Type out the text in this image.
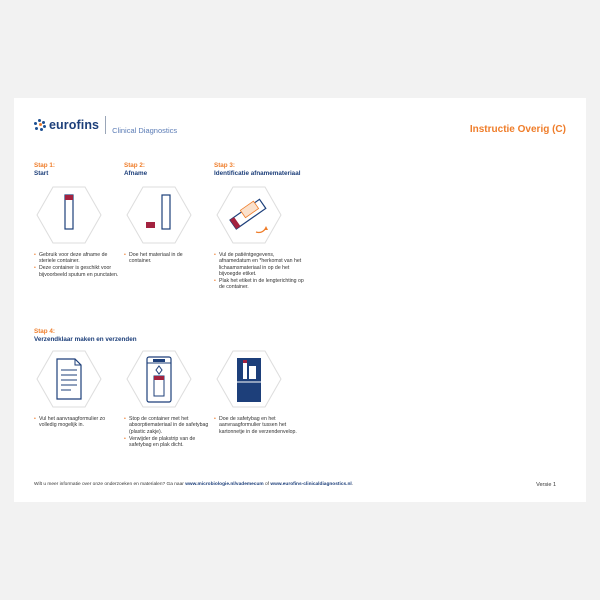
eurofins Clinical Diagnostics	Instructie Overig (C)
Stap 1:
Start
• Gebruik voor deze afname de steriele container.
• Deze container is geschikt voor bijvoorbeeld sputum en punctaten.
Stap 2:
Afname
• Doe het materiaal in de container.
Stap 3:
Identificatie afnamemateriaal
• Vul de patiëntgegevens, afnamedatum en *herkomst van het lichaamsmateriaal in op de het bijvoegde etiket.
• Plak het etiket in de lengterichting op de container.
Stap 4:
Verzendklaar maken en verzenden
• Vul het aanvraagformulier zo volledig mogelijk in.
• Stop de container met het absorptiemateriaal in de safetybag (plastic zakje).
• Verwijder de plakstrip van de safetybag en plak dicht.
• Doe de safetybag en het aanvraagformulier tussen het kartonnetje in de verzendenvelop.
Wilt u meer informatie over onze onderzoeken en materialen? Ga naar www.microbiologie.nl/vademecum of www.eurofins-clinicaldiagnostics.nl.	Versie 1
